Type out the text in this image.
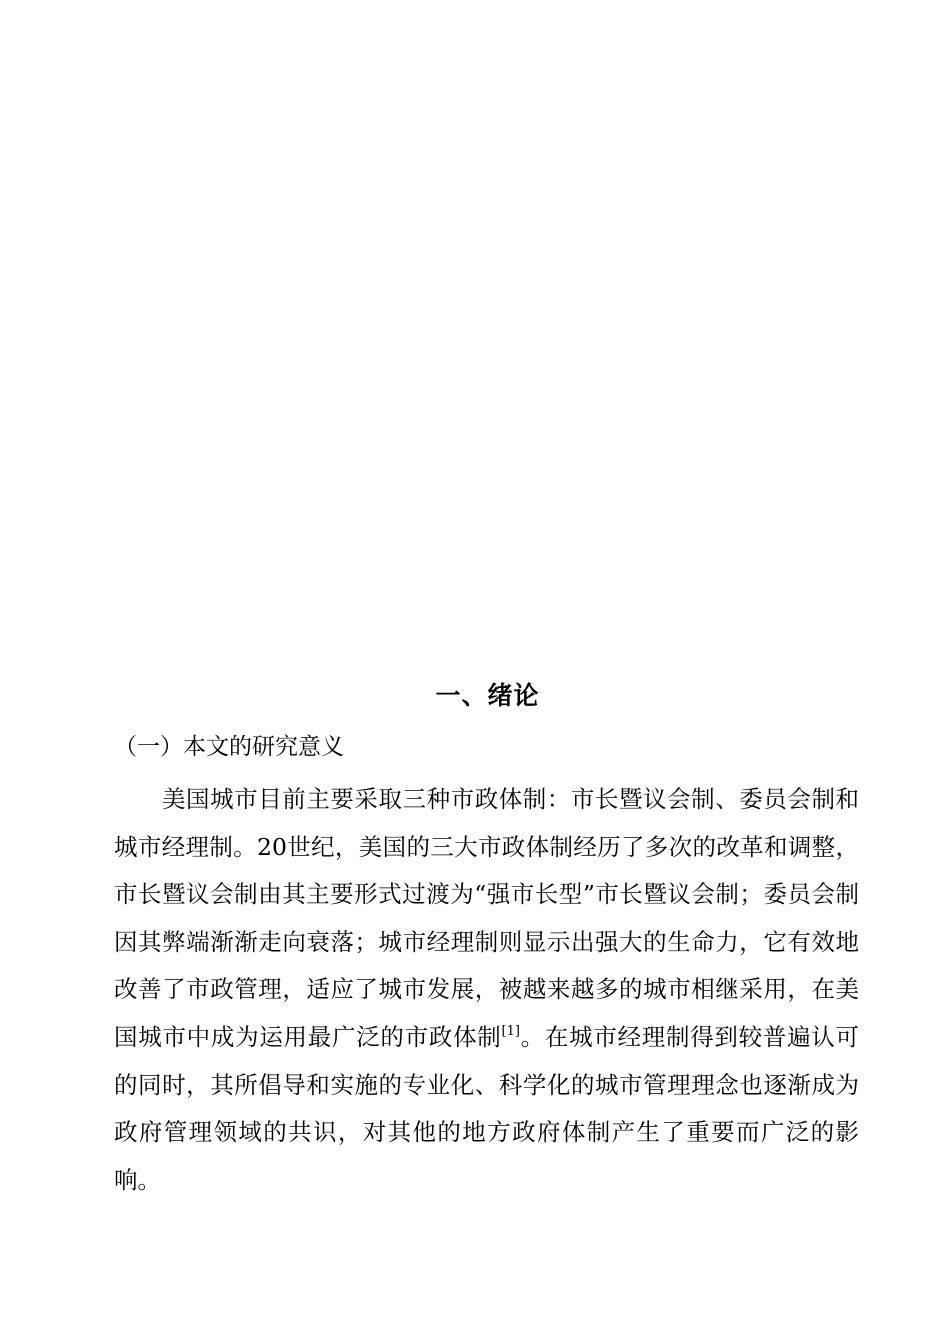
一、绪论
（一）本文的研究意义

美国城市目前主要采取三种市政体制：市长暨议会制、委员会制和城市经理制。20世纪，美国的三大市政体制经历了多次的改革和调整，市长暨议会制由其主要形式过渡为“强市长型”市长暨议会制；委员会制因其弊端渐渐走向衰落；城市经理制则显示出强大的生命力，它有效地改善了市政管理，适应了城市发展，被越来越多的城市相继采用，在美国城市中成为运用最广泛的市政体制[1]。在城市经理制得到较普遍认可的同时，其所倡导和实施的专业化、科学化的城市管理理念也逐渐成为政府管理领域的共识，对其他的地方政府体制产生了重要而广泛的影响。
